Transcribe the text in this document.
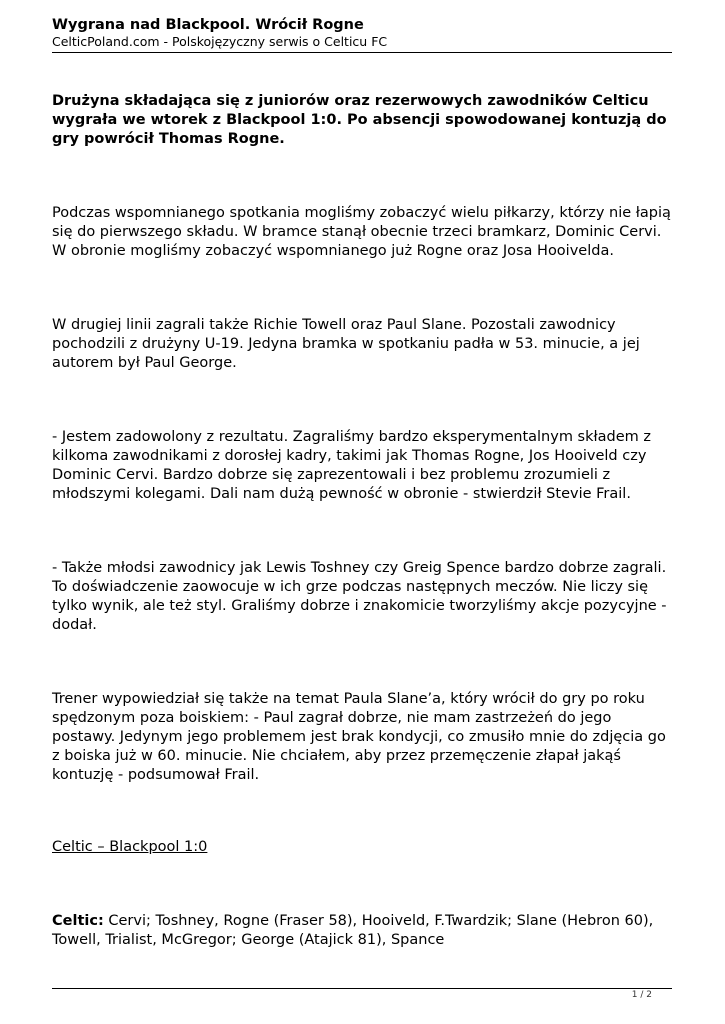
Wygrana nad Blackpool. Wrócił Rogne
CelticPoland.com - Polskojęzyczny serwis o Celticu FC

Drużyna składająca się z juniorów oraz rezerwowych zawodników Celticu wygrała we wtorek z Blackpool 1:0. Po absencji spowodowanej kontuzją do gry powrócił Thomas Rogne.

Podczas wspomnianego spotkania mogliśmy zobaczyć wielu piłkarzy, którzy nie łapią się do pierwszego składu. W bramce stanął obecnie trzeci bramkarz, Dominic Cervi. W obronie mogliśmy zobaczyć wspomnianego już Rogne oraz Josa Hooivelda.

W drugiej linii zagrali także Richie Towell oraz Paul Slane. Pozostali zawodnicy pochodzili z drużyny U-19. Jedyna bramka w spotkaniu padła w 53. minucie, a jej autorem był Paul George.

- Jestem zadowolony z rezultatu. Zagraliśmy bardzo eksperymentalnym składem z kilkoma zawodnikami z dorosłej kadry, takimi jak Thomas Rogne, Jos Hooiveld czy Dominic Cervi. Bardzo dobrze się zaprezentowali i bez problemu zrozumieli z młodszymi kolegami. Dali nam dużą pewność w obronie - stwierdził Stevie Frail.

- Także młodsi zawodnicy jak Lewis Toshney czy Greig Spence bardzo dobrze zagrali. To doświadczenie zaowocuje w ich grze podczas następnych meczów. Nie liczy się tylko wynik, ale też styl. Graliśmy dobrze i znakomicie tworzyliśmy akcje pozycyjne - dodał.

Trener wypowiedział się także na temat Paula Slane’a, który wrócił do gry po roku spędzonym poza boiskiem: - Paul zagrał dobrze, nie mam zastrzeżeń do jego postawy. Jedynym jego problemem jest brak kondycji, co zmusiło mnie do zdjęcia go z boiska już w 60. minucie. Nie chciałem, aby przez przemęczenie złapał jakąś kontuzję - podsumował Frail.

Celtic – Blackpool 1:0

Celtic: Cervi; Toshney, Rogne (Fraser 58), Hooiveld, F.Twardzik; Slane (Hebron 60), Towell, Trialist, McGregor; George (Atajick 81), Spance

1 / 2
